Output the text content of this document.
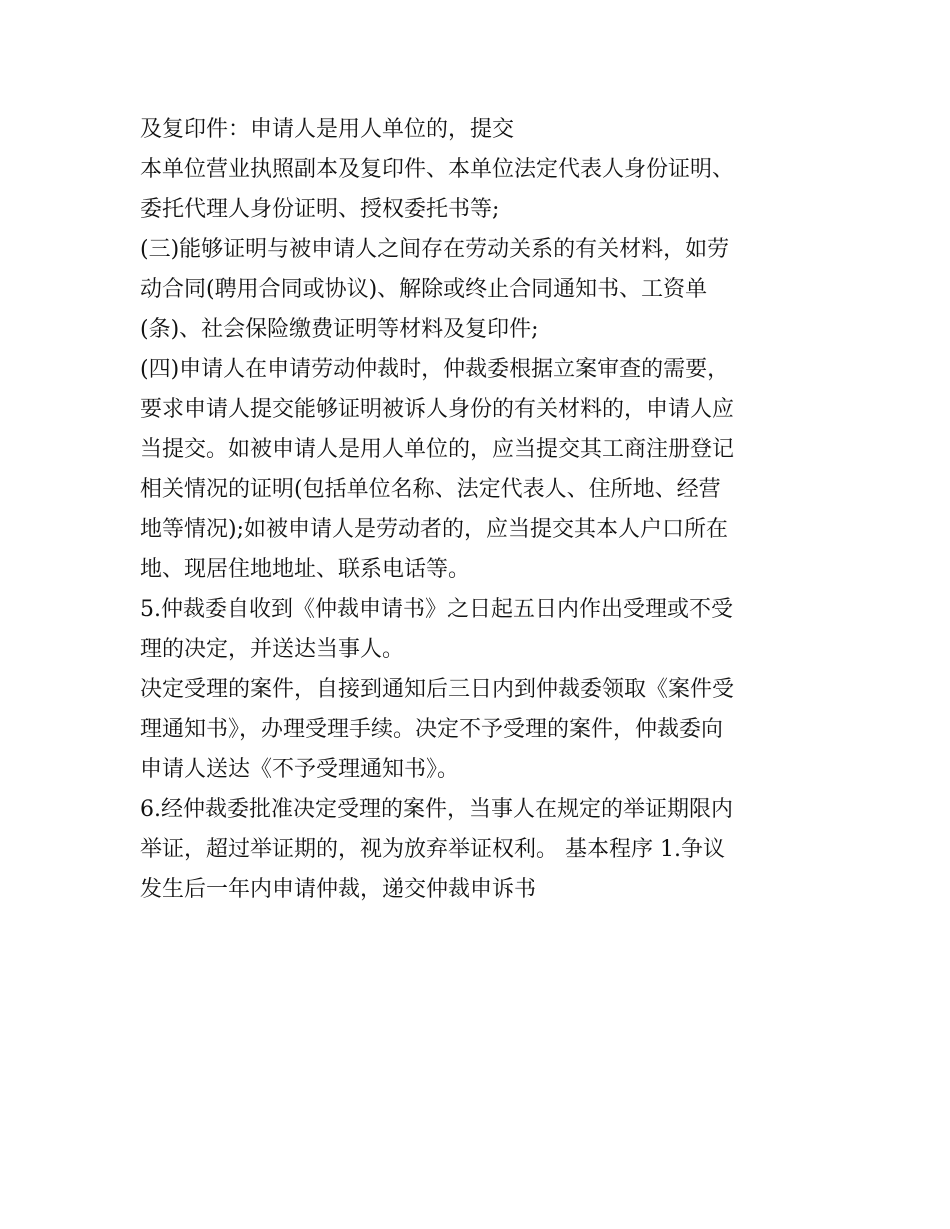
及复印件：申请人是用人单位的，提交

本单位营业执照副本及复印件、本单位法定代表人身份证明、

委托代理人身份证明、授权委托书等;

(三)能够证明与被申请人之间存在劳动关系的有关材料，如劳

动合同(聘用合同或协议)、解除或终止合同通知书、工资单

(条)、社会保险缴费证明等材料及复印件;

(四)申请人在申请劳动仲裁时，仲裁委根据立案审查的需要，

要求申请人提交能够证明被诉人身份的有关材料的，申请人应

当提交。如被申请人是用人单位的，应当提交其工商注册登记

相关情况的证明(包括单位名称、法定代表人、住所地、经营

地等情况);如被申请人是劳动者的，应当提交其本人户口所在

地、现居住地地址、联系电话等。

5.仲裁委自收到《仲裁申请书》之日起五日内作出受理或不受

理的决定，并送达当事人。

决定受理的案件，自接到通知后三日内到仲裁委领取《案件受

理通知书》，办理受理手续。决定不予受理的案件，仲裁委向

申请人送达《不予受理通知书》。

6.经仲裁委批准决定受理的案件，当事人在规定的举证期限内

举证，超过举证期的，视为放弃举证权利。 基本程序 1.争议

发生后一年内申请仲裁，递交仲裁申诉书
